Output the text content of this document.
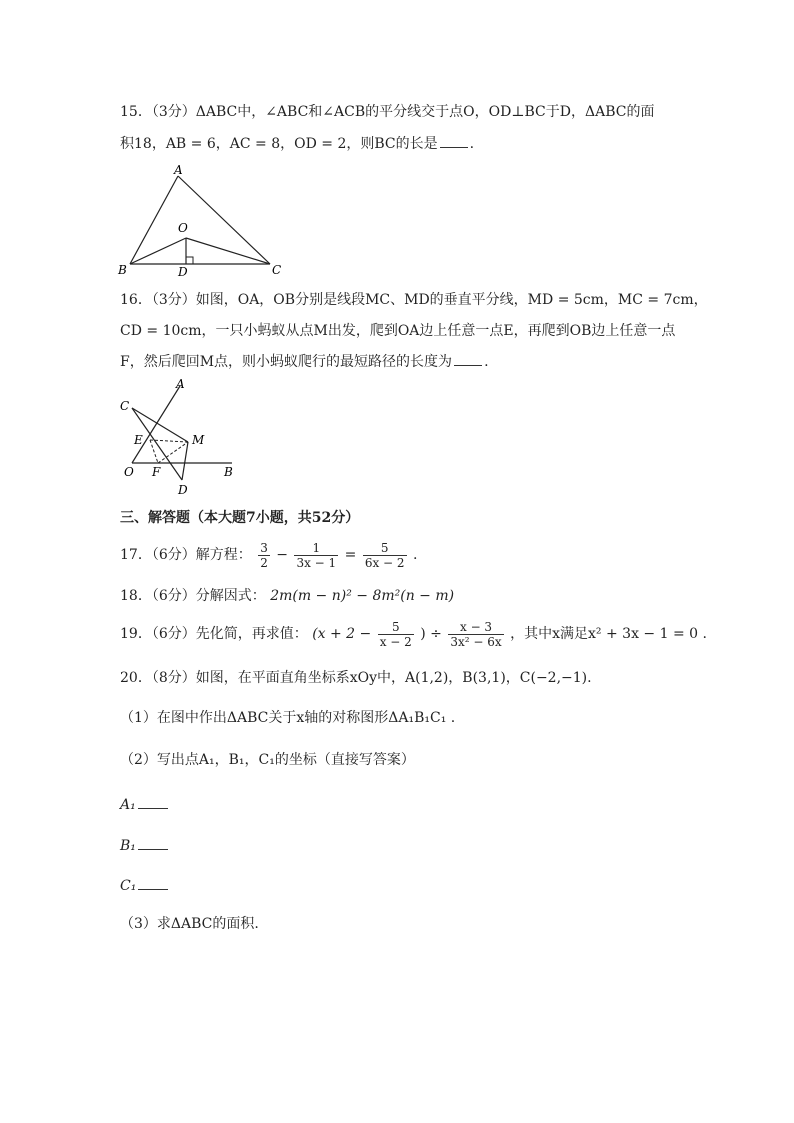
15．（3分）ΔABC中，∠ABC和∠ACB的平分线交于点O，OD⊥BC于D，ΔABC的面
积18，AB = 6，AC = 8，OD = 2，则BC的长是 .
A
B	C
O
D
16．（3分）如图，OA，OB分别是线段MC、MD的垂直平分线，MD = 5cm，MC = 7cm，
CD = 10cm，一只小蚂蚁从点M出发，爬到OA边上任意一点E，再爬到OB边上任意一点
F，然后爬回M点，则小蚂蚁爬行的最短路径的长度为 .
A
C
E	M
O F	B
D
三、解答题（本大题7小题，共52分）
17．（6分）解方程： $\frac{3}{2} - \frac{1}{3x - 1} = \frac{5}{6x - 2}$ .
18．（6分）分解因式： 2m(m − n)² − 8m²(n − m)
19．（6分）先化简，再求值： ($x + 2 - \frac{5}{x - 2}$ ) ÷ $\frac{x - 3}{\text{3x² − 6x}}$ ，其中x满足x² + 3x − 1 = 0 .
20．（8分）如图，在平面直角坐标系xOy中，A(1,2)，B(3,1)，C(−2,−1).
（1）在图中作出ΔABC关于x轴的对称图形ΔA₁B₁C₁ .
（2）写出点A₁，B₁，C₁的坐标（直接写答案）
A₁
B₁
C₁
（3）求ΔABC的面积.
